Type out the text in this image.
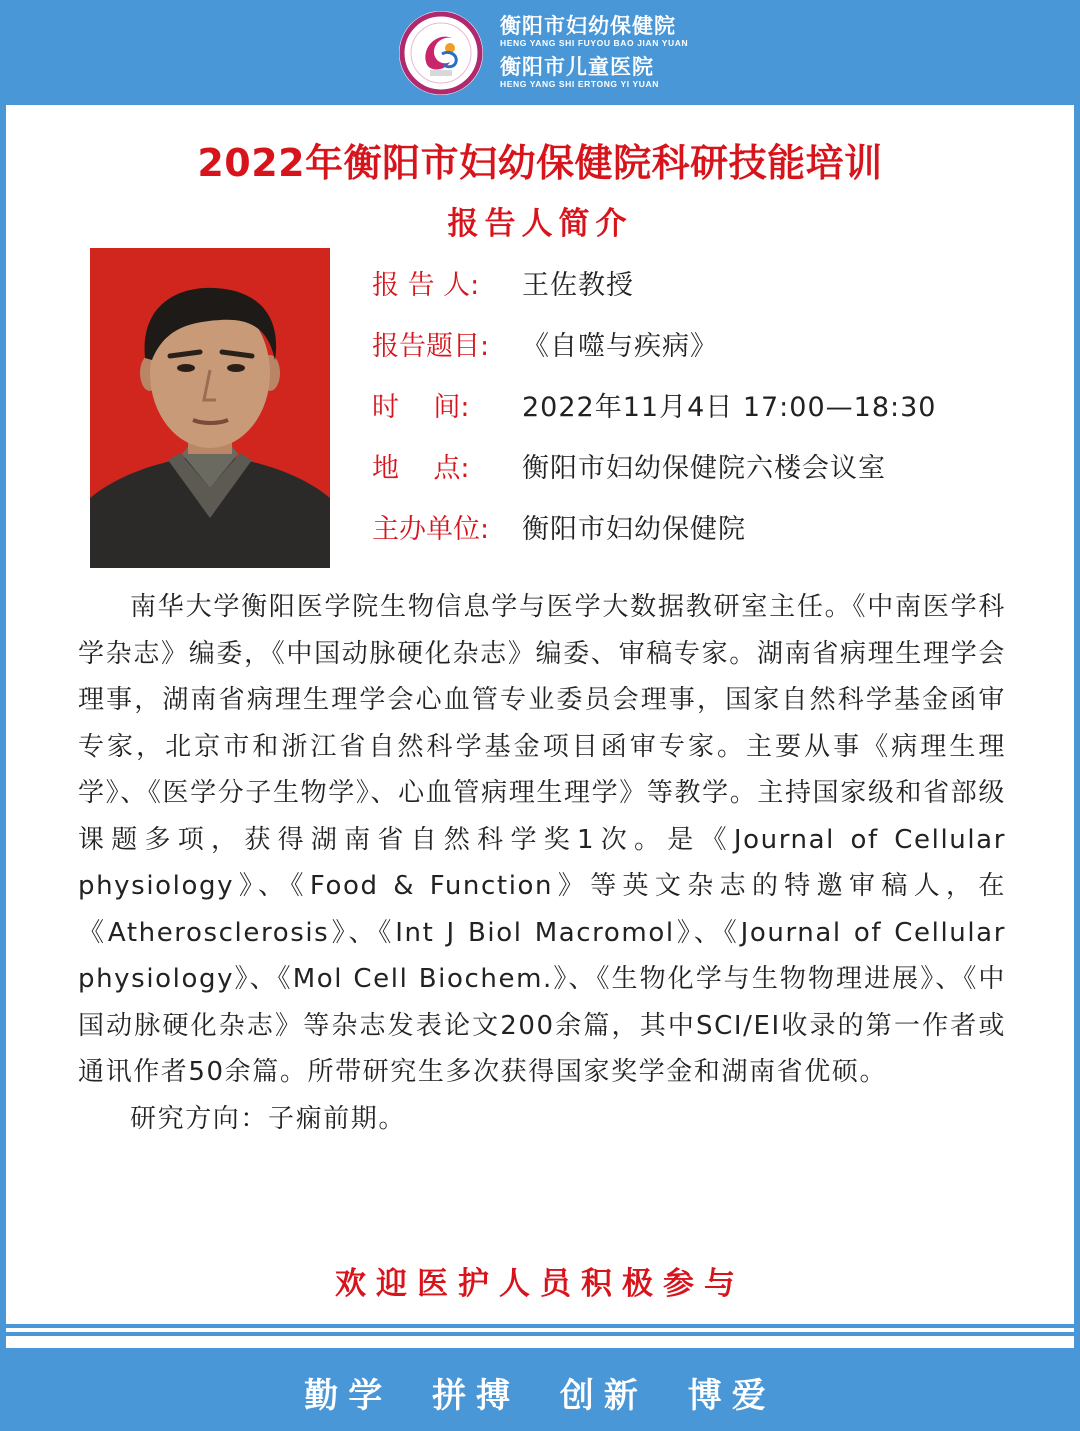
衡阳市妇幼保健院
HENG YANG SHI FUYOU BAO JIAN YUAN
衡阳市儿童医院
HENG YANG SHI ERTONG YI YUAN
2022年衡阳市妇幼保健院科研技能培训
报告人简介
报 告 人:	王佐教授
报告题目:	《自噬与疾病》
时    间:	2022年11月4日 17:00—18:30
地    点:	衡阳市妇幼保健院六楼会议室
主办单位:	衡阳市妇幼保健院

南华大学衡阳医学院生物信息学与医学大数据教研室主任。《中南医学科学杂志》编委，《中国动脉硬化杂志》编委、审稿专家。湖南省病理生理学会理事，湖南省病理生理学会心血管专业委员会理事，国家自然科学基金函审专家，北京市和浙江省自然科学基金项目函审专家。主要从事《病理生理学》、《医学分子生物学》、心血管病理生理学》等教学。主持国家级和省部级课题多项，获得湖南省自然科学奖1次。是《Journal of Cellular physiology》、《Food & Function》等英文杂志的特邀审稿人，在《Atherosclerosis》、《Int J Biol Macromol》、《Journal of Cellular physiology》、《Mol Cell Biochem.》、《生物化学与生物物理进展》、《中国动脉硬化杂志》等杂志发表论文200余篇，其中SCI/EI收录的第一作者或通讯作者50余篇。所带研究生多次获得国家奖学金和湖南省优硕。

研究方向：子痫前期。

欢迎医护人员积极参与
勤学 拼搏 创新 博爱
